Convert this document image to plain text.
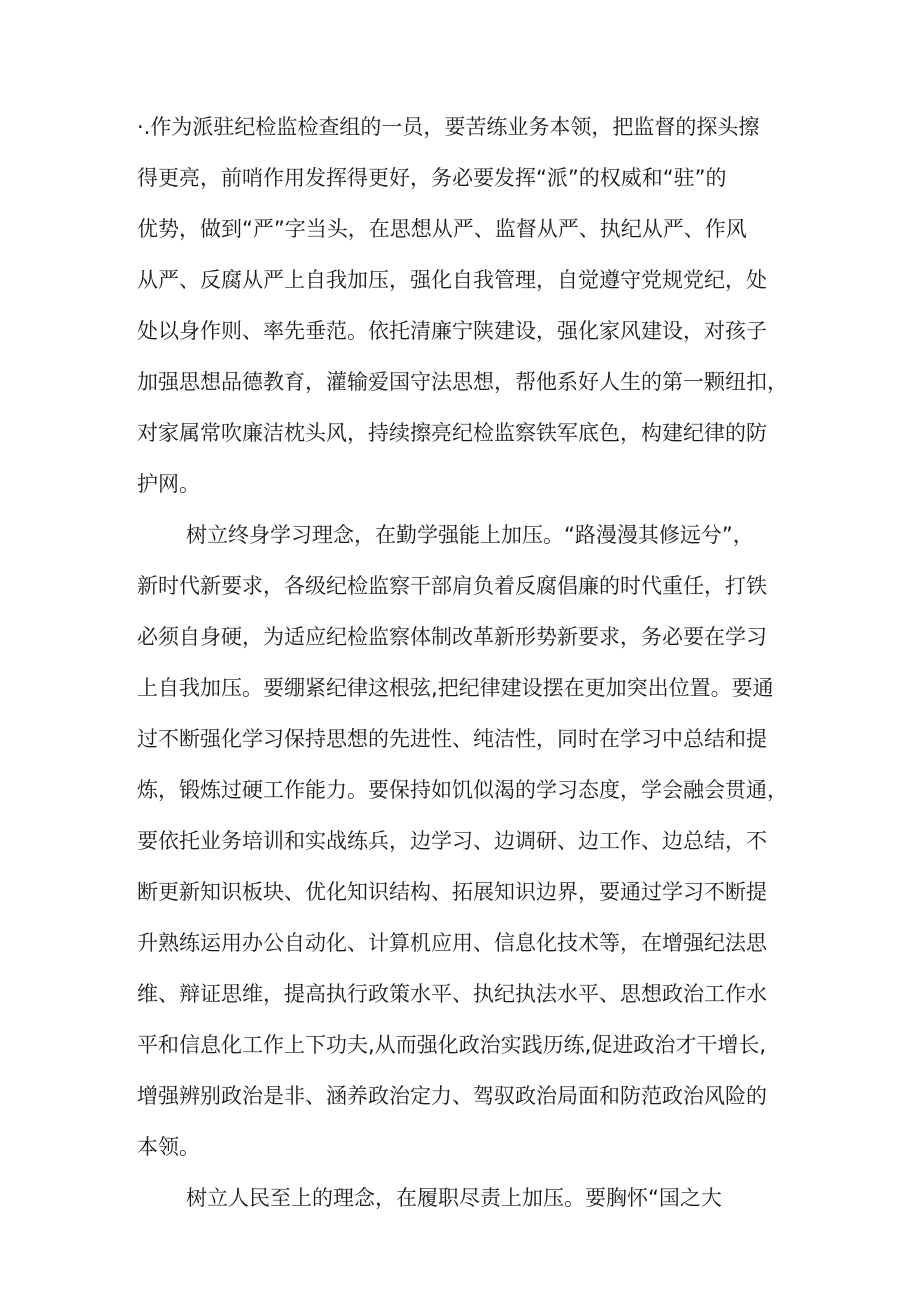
·.作为派驻纪检监检查组的一员，要苦练业务本领，把监督的探头擦
得更亮，前哨作用发挥得更好，务必要发挥“派”的权威和“驻”的
优势，做到“严”字当头，在思想从严、监督从严、执纪从严、作风
从严、反腐从严上自我加压，强化自我管理，自觉遵守党规党纪，处
处以身作则、率先垂范。依托清廉宁陕建设，强化家风建设，对孩子
加强思想品德教育，灌输爱国守法思想，帮他系好人生的第一颗纽扣，
对家属常吹廉洁枕头风，持续擦亮纪检监察铁军底色，构建纪律的防
护网。
树立终身学习理念，在勤学强能上加压。“路漫漫其修远兮”，
新时代新要求，各级纪检监察干部肩负着反腐倡廉的时代重任，打铁
必须自身硬，为适应纪检监察体制改革新形势新要求，务必要在学习
上自我加压。要绷紧纪律这根弦,把纪律建设摆在更加突出位置。要通
过不断强化学习保持思想的先进性、纯洁性，同时在学习中总结和提
炼，锻炼过硬工作能力。要保持如饥似渴的学习态度，学会融会贯通，
要依托业务培训和实战练兵，边学习、边调研、边工作、边总结，不
断更新知识板块、优化知识结构、拓展知识边界，要通过学习不断提
升熟练运用办公自动化、计算机应用、信息化技术等，在增强纪法思
维、辩证思维，提高执行政策水平、执纪执法水平、思想政治工作水
平和信息化工作上下功夫,从而强化政治实践历练,促进政治才干增长,
增强辨别政治是非、涵养政治定力、驾驭政治局面和防范政治风险的
本领。
树立人民至上的理念，在履职尽责上加压。要胸怀“国之大
